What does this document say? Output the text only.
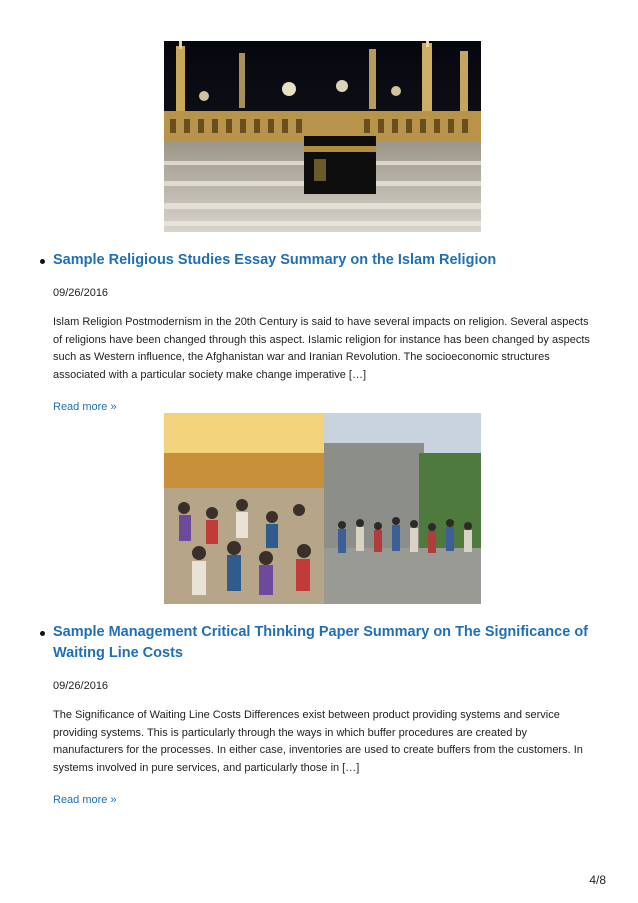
Sample Religious Studies Essay Summary on the Islam Religion

09/26/2016

Islam Religion Postmodernism in the 20th Century is said to have several impacts on religion. Several aspects of religions have been changed through this aspect. Islamic religion for instance has been changed by aspects such as Western influence, the Afghanistan war and Iranian Revolution. The socioeconomic structures associated with a particular society make change imperative […]

Read more »
Sample Management Critical Thinking Paper Summary on The Significance of Waiting Line Costs

09/26/2016

The Significance of Waiting Line Costs Differences exist between product providing systems and service providing systems. This is particularly through the ways in which buffer procedures are created by manufacturers for the processes. In either case, inventories are used to create buffers from the customers. In systems involved in pure services, and particularly those in […]

Read more »
4/8
